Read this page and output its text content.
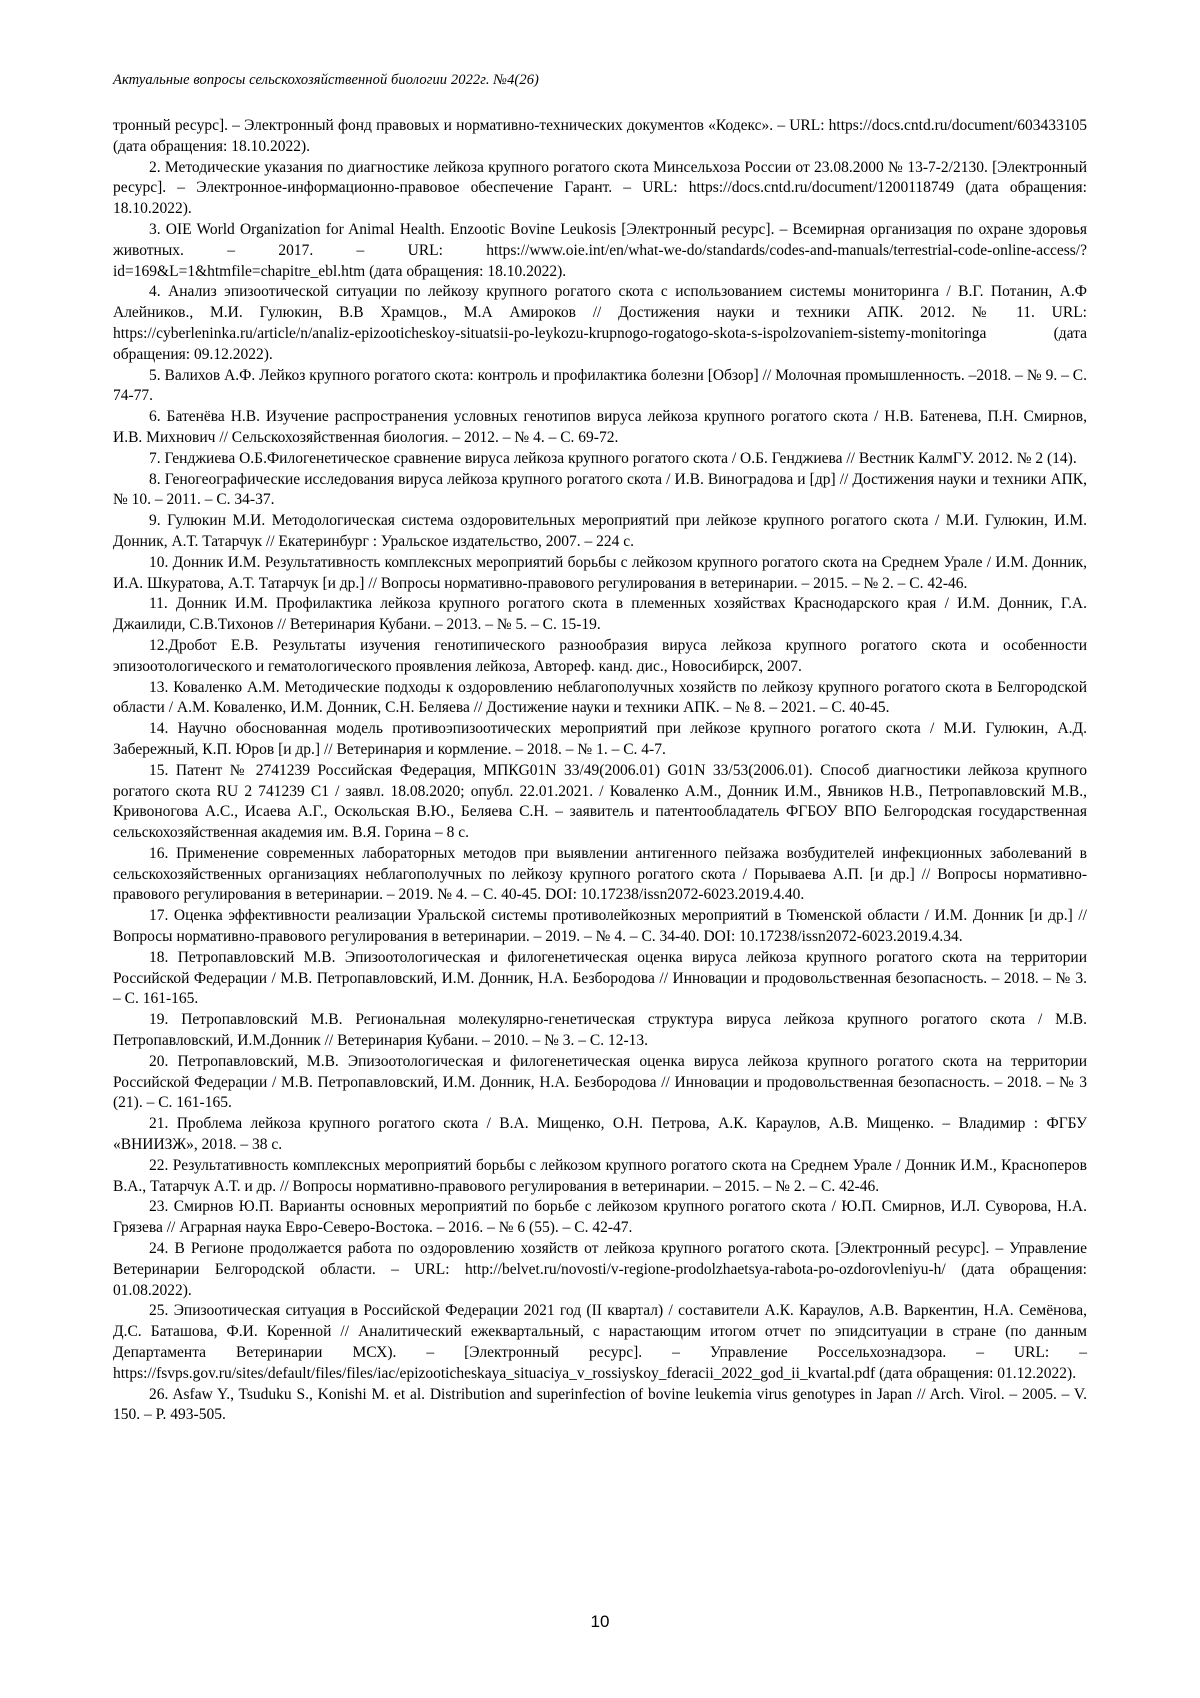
Актуальные вопросы сельскохозяйственной биологии 2022г. №4(26)

тронный ресурс]. – Электронный фонд правовых и нормативно-технических документов «Кодекс». – URL: https://docs.cntd.ru/document/603433105 (дата обращения: 18.10.2022).

2. Методические указания по диагностике лейкоза крупного рогатого скота Минсельхоза России от 23.08.2000 № 13-7-2/2130. [Электронный ресурс]. – Электронное-информационно-правовое обеспечение Гарант. – URL: https://docs.cntd.ru/document/1200118749 (дата обращения: 18.10.2022).

3. OIE World Organization for Animal Health. Enzootic Bovine Leukosis [Электронный ресурс]. – Всемирная организация по охране здоровья животных. – 2017. – URL: https://www.oie.int/en/what-we-do/standards/codes-and-manuals/terrestrial-code-online-access/?id=169&L=1&htmfile=chapitre_ebl.htm (дата обращения: 18.10.2022).

4. Анализ эпизоотической ситуации по лейкозу крупного рогатого скота с использованием системы мониторинга / В.Г. Потанин, А.Ф Алейников., М.И. Гулюкин, В.В Храмцов., М.А Амироков // Достижения науки и техники АПК. 2012. № 11. URL: https://cyberleninka.ru/article/n/analiz-epizooticheskoy-situatsii-po-leykozu-krupnogo-rogatogo-skota-s-ispolzovaniem-sistemy-monitoringa (дата обращения: 09.12.2022).

5. Валихов А.Ф. Лейкоз крупного рогатого скота: контроль и профилактика болезни [Обзор] // Молочная промышленность. –2018. – № 9. – С. 74-77.

6. Батенёва Н.В. Изучение распространения условных генотипов вируса лейкоза крупного рогатого скота / Н.В. Батенева, П.Н. Смирнов, И.В. Михнович // Сельскохозяйственная биология. – 2012. – № 4. – С. 69-72.

7. Генджиева О.Б.Филогенетическое сравнение вируса лейкоза крупного рогатого скота / О.Б. Генджиева // Вестник КалмГУ. 2012. № 2 (14).

8. Геногеографические исследования вируса лейкоза крупного рогатого скота / И.В. Виноградова и [др] // Достижения науки и техники АПК, № 10. – 2011. – С. 34-37.

9. Гулюкин М.И. Методологическая система оздоровительных мероприятий при лейкозе крупного рогатого скота / М.И. Гулюкин, И.М. Донник, А.Т. Татарчук // Екатеринбург : Уральское издательство, 2007. – 224 с.

10. Донник И.М. Результативность комплексных мероприятий борьбы с лейкозом крупного рогатого скота на Среднем Урале / И.М. Донник, И.А. Шкуратова, А.Т. Татарчук [и др.] // Вопросы нормативно-правового регулирования в ветеринарии. – 2015. – № 2. – С. 42-46.

11. Донник И.М. Профилактика лейкоза крупного рогатого скота в племенных хозяйствах Краснодарского края / И.М. Донник, Г.А. Джаилиди, С.В.Тихонов // Ветеринария Кубани. – 2013. – № 5. – С. 15-19.

12.Дробот Е.В. Результаты изучения генотипического разнообразия вируса лейкоза крупного рогатого скота и особенности эпизоотологического и гематологического проявления лейкоза, Автореф. канд. дис., Новосибирск, 2007.

13. Коваленко А.М. Методические подходы к оздоровлению неблагополучных хозяйств по лейкозу крупного рогатого скота в Белгородской области / А.М. Коваленко, И.М. Донник, С.Н. Беляева // Достижение науки и техники АПК. – № 8. – 2021. – С. 40-45.

14. Научно обоснованная модель противоэпизоотических мероприятий при лейкозе крупного рогатого скота / М.И. Гулюкин, А.Д. Забережный, К.П. Юров [и др.] // Ветеринария и кормление. – 2018. – № 1. – С. 4-7.

15. Патент № 2741239 Российская Федерация, МПКG01N 33/49(2006.01) G01N 33/53(2006.01). Способ диагностики лейкоза крупного рогатого скота RU 2 741239 C1 / заявл. 18.08.2020; опубл. 22.01.2021. / Коваленко А.М., Донник И.М., Явников Н.В., Петропавловский М.В., Кривоногова А.С., Исаева А.Г., Оскольская В.Ю., Беляева С.Н. – заявитель и патентообладатель ФГБОУ ВПО Белгородская государственная сельскохозяйственная академия им. В.Я. Горина – 8 с.

16. Применение современных лабораторных методов при выявлении антигенного пейзажа возбудителей инфекционных заболеваний в сельскохозяйственных организациях неблагополучных по лейкозу крупного рогатого скота / Порываева А.П. [и др.] // Вопросы нормативно-правового регулирования в ветеринарии. – 2019. № 4. – С. 40-45. DOI: 10.17238/issn2072-6023.2019.4.40.

17. Оценка эффективности реализации Уральской системы противолейкозных мероприятий в Тюменской области / И.М. Донник [и др.] // Вопросы нормативно-правового регулирования в ветеринарии. – 2019. – № 4. – С. 34-40. DOI: 10.17238/issn2072-6023.2019.4.34.

18. Петропавловский М.В. Эпизоотологическая и филогенетическая оценка вируса лейкоза крупного рогатого скота на территории Российской Федерации / М.В. Петропавловский, И.М. Донник, Н.А. Безбородова // Инновации и продовольственная безопасность. – 2018. – № 3. – С. 161-165.

19. Петропавловский М.В. Региональная молекулярно-генетическая структура вируса лейкоза крупного рогатого скота / М.В. Петропавловский, И.М.Донник // Ветеринария Кубани. – 2010. – № 3. – С. 12-13.

20. Петропавловский, М.В. Эпизоотологическая и филогенетическая оценка вируса лейкоза крупного рогатого скота на территории Российской Федерации / М.В. Петропавловский, И.М. Донник, Н.А. Безбородова // Инновации и продовольственная безопасность. – 2018. – № 3 (21). – С. 161-165.

21. Проблема лейкоза крупного рогатого скота / В.А. Мищенко, О.Н. Петрова, А.К. Караулов, А.В. Мищенко. – Владимир : ФГБУ «ВНИИЗЖ», 2018. – 38 с.

22. Результативность комплексных мероприятий борьбы с лейкозом крупного рогатого скота на Среднем Урале / Донник И.М., Красноперов В.А., Татарчук А.Т. и др. // Вопросы нормативно-правового регулирования в ветеринарии. – 2015. – № 2. – С. 42-46.

23. Смирнов Ю.П. Варианты основных мероприятий по борьбе с лейкозом крупного рогатого скота / Ю.П. Смирнов, И.Л. Суворова, Н.А. Грязева // Аграрная наука Евро-Северо-Востока. – 2016. – № 6 (55). – С. 42-47.

24. В Регионе продолжается работа по оздоровлению хозяйств от лейкоза крупного рогатого скота. [Электронный ресурс]. – Управление Ветеринарии Белгородской области. – URL: http://belvet.ru/novosti/v-regione-prodolzhaetsya-rabota-po-ozdorovleniyu-h/ (дата обращения: 01.08.2022).

25. Эпизоотическая ситуация в Российской Федерации 2021 год (II квартал) / составители А.К. Караулов, А.В. Варкентин, Н.А. Семёнова, Д.С. Баташова, Ф.И. Коренной // Аналитический ежеквартальный, с нарастающим итогом отчет по эпидситуации в стране (по данным Департамента Ветеринарии МСХ). – [Электронный ресурс]. – Управление Россельхознадзора. – URL: – https://fsvps.gov.ru/sites/default/files/files/iac/epizooticheskaya_situaciya_v_rossiyskoy_fderacii_2022_god_ii_kvartal.pdf (дата обращения: 01.12.2022).

26. Asfaw Y., Tsuduku S., Konishi M. et al. Distribution and superinfection of bovine leukemia virus genotypes in Japan // Arch. Virol. – 2005. – V. 150. – P. 493-505.

10
